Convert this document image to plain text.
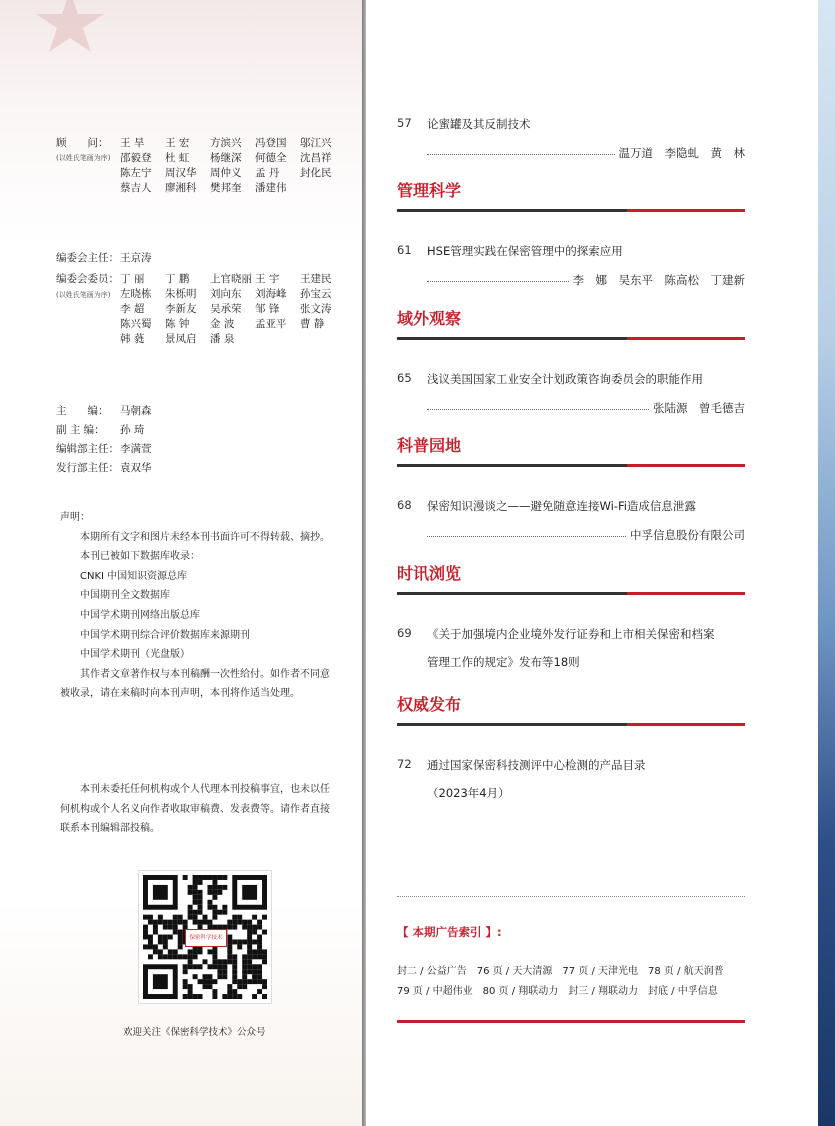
顾　　问：	王 旱	王 宏	方滨兴	冯登国	邬江兴
邵毅登	杜 虹	杨继深	何德全	沈昌祥
陈左宁	周汉华	周仲义	孟 丹	封化民
蔡吉人	廖湘科	樊邦奎	潘建伟
(以姓氏笔画为序)
编委会主任： 王京涛
编委会委员： 丁 丽	丁 鹏	上官晓丽 王 宇	王建民
左晓栋	朱栎明	刘向东	刘海峰	孙宝云
李 超	李新友	吴承荣	邹 锋	张文涛
陈兴蜀	陈 钟	金 波	孟亚平	曹 静
韩 蕤	景凤启	潘 泉
(以姓氏笔画为序)
主　　编：	马朝森
副 主 编：	孙 琦
编辑部主任： 李满萱
发行部主任： 袁双华

声明：

本期所有文字和图片未经本刊书面许可不得转载、摘抄。

本刊已被如下数据库收录：

CNKI 中国知识资源总库

中国期刊全文数据库

中国学术期刊网络出版总库

中国学术期刊综合评价数据库来源期刊

中国学术期刊（光盘版）

其作者文章著作权与本刊稿酬一次性给付。如作者不同意被收录，请在来稿时向本刊声明，本刊将作适当处理。

本刊未委托任何机构或个人代理本刊投稿事宜，也未以任何机构或个人名义向作者收取审稿费、发表费等。请作者直接联系本刊编辑部投稿。

保密科学技术
欢迎关注《保密科学技术》公众号
57	论蜜罐及其反制技术
温万道　李隐虬　黄　林
管理科学
61	HSE管理实践在保密管理中的探索应用
李　娜　吴东平　陈高松　丁建新
域外观察
65	浅议美国国家工业安全计划政策咨询委员会的职能作用
张陆源　曾毛德吉
科普园地
68	保密知识漫谈之——避免随意连接Wi-Fi造成信息泄露
中孚信息股份有限公司
时讯浏览
69	《关于加强境内企业境外发行证券和上市相关保密和档案
管理工作的规定》发布等18则
权威发布
72	通过国家保密科技测评中心检测的产品目录
（2023年4月）
【 本期广告索引 】:
封二 / 公益广告　76 页 / 天大清源　77 页 / 天津光电　78 页 / 航天润普
79 页 / 中超伟业　80 页 / 翔联动力　封三 / 翔联动力　封底 / 中孚信息
